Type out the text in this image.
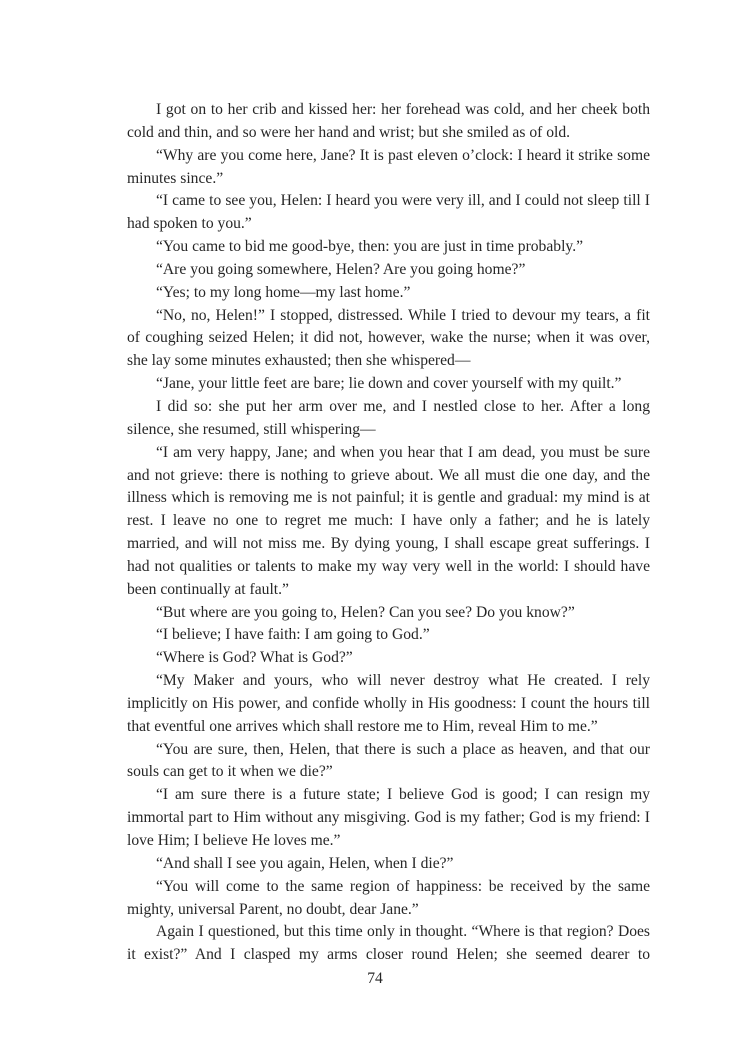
I got on to her crib and kissed her: her forehead was cold, and her cheek both cold and thin, and so were her hand and wrist; but she smiled as of old.

“Why are you come here, Jane? It is past eleven o’clock: I heard it strike some minutes since.”

“I came to see you, Helen: I heard you were very ill, and I could not sleep till I had spoken to you.”

“You came to bid me good-bye, then: you are just in time probably.”

“Are you going somewhere, Helen? Are you going home?”

“Yes; to my long home—my last home.”

“No, no, Helen!” I stopped, distressed. While I tried to devour my tears, a fit of coughing seized Helen; it did not, however, wake the nurse; when it was over, she lay some minutes exhausted; then she whispered—

“Jane, your little feet are bare; lie down and cover yourself with my quilt.”

I did so: she put her arm over me, and I nestled close to her. After a long silence, she resumed, still whispering—

“I am very happy, Jane; and when you hear that I am dead, you must be sure and not grieve: there is nothing to grieve about. We all must die one day, and the illness which is removing me is not painful; it is gentle and gradual: my mind is at rest. I leave no one to regret me much: I have only a father; and he is lately married, and will not miss me. By dying young, I shall escape great sufferings. I had not qualities or talents to make my way very well in the world: I should have been continually at fault.”

“But where are you going to, Helen? Can you see? Do you know?”

“I believe; I have faith: I am going to God.”

“Where is God? What is God?”

“My Maker and yours, who will never destroy what He created. I rely implicitly on His power, and confide wholly in His goodness: I count the hours till that eventful one arrives which shall restore me to Him, reveal Him to me.”

“You are sure, then, Helen, that there is such a place as heaven, and that our souls can get to it when we die?”

“I am sure there is a future state; I believe God is good; I can resign my immortal part to Him without any misgiving. God is my father; God is my friend: I love Him; I believe He loves me.”

“And shall I see you again, Helen, when I die?”

“You will come to the same region of happiness: be received by the same mighty, universal Parent, no doubt, dear Jane.”

Again I questioned, but this time only in thought. “Where is that region? Does it exist?” And I clasped my arms closer round Helen; she seemed dearer to

74
